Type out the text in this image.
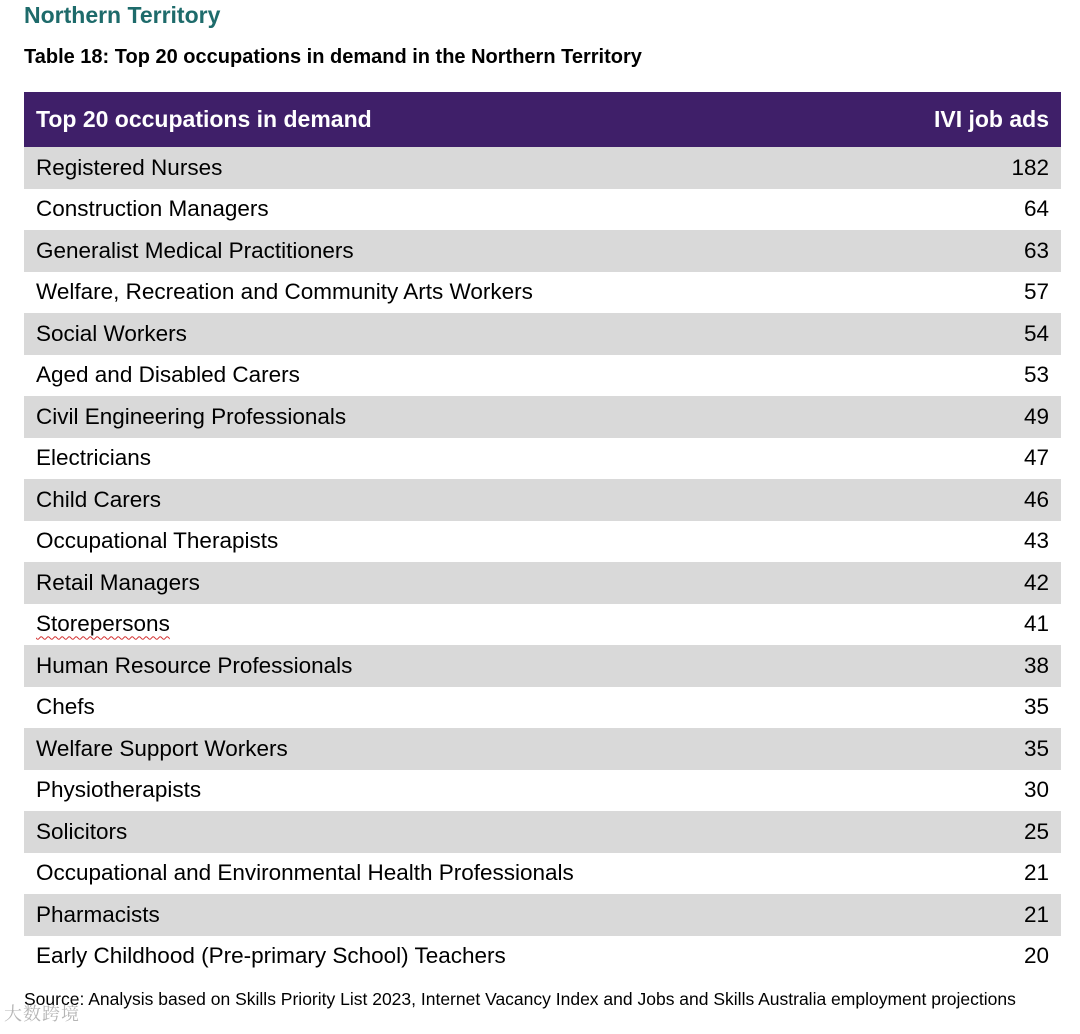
Northern Territory
Table 18: Top 20 occupations in demand in the Northern Territory
Top 20 occupations in demand	IVI job ads
Registered Nurses	182
Construction Managers	64
Generalist Medical Practitioners	63
Welfare, Recreation and Community Arts Workers	57
Social Workers	54
Aged and Disabled Carers	53
Civil Engineering Professionals	49
Electricians	47
Child Carers	46
Occupational Therapists	43
Retail Managers	42
Storepersons	41
Human Resource Professionals	38
Chefs	35
Welfare Support Workers	35
Physiotherapists	30
Solicitors	25
Occupational and Environmental Health Professionals	21
Pharmacists	21
Early Childhood (Pre-primary School) Teachers	20
Source: Analysis based on Skills Priority List 2023, Internet Vacancy Index and Jobs and Skills Australia employment projections
大数跨境
